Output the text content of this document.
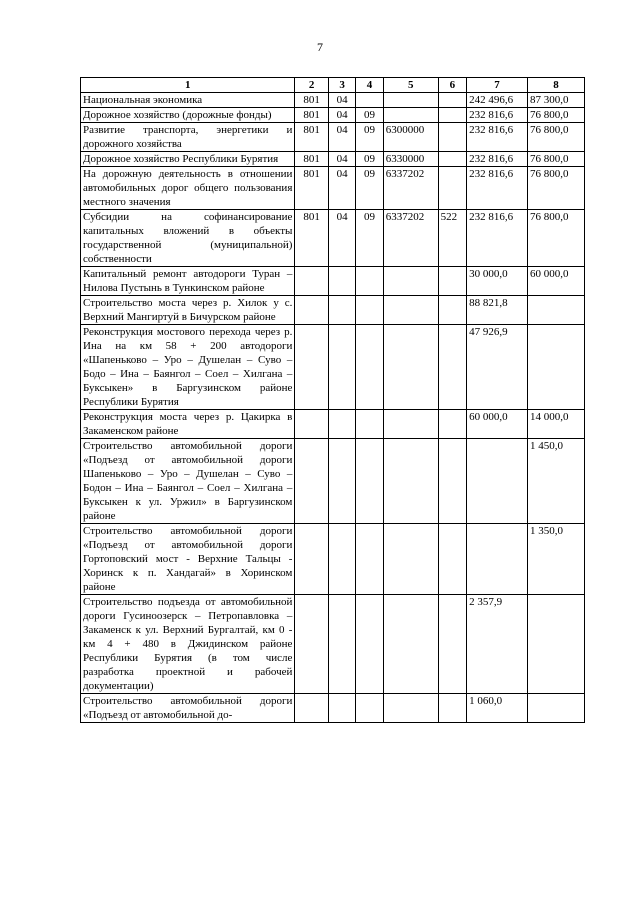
7
1	2	3	4	5	6	7	8
Национальная экономика	801	04				242 496,6	87 300,0
Дорожное хозяйство (дорожные фонды)	801	04	09			232 816,6	76 800,0
Развитие транспорта, энергетики и дорожного хозяйства	801	04	09	6300000		232 816,6	76 800,0
Дорожное хозяйство Республики Бурятия	801	04	09	6330000		232 816,6	76 800,0
На дорожную деятельность в отношении автомобильных дорог общего пользования местного значения	801	04	09	6337202		232 816,6	76 800,0
Субсидии на софинансирование капитальных вложений в объекты государственной (муниципальной) собственности	801	04	09	6337202	522	232 816,6	76 800,0
Капитальный ремонт автодороги Туран – Нилова Пустынь в Тункинском районе						30 000,0	60 000,0
Строительство моста через р. Хилок у с. Верхний Мангиртуй в Бичурском районе						88 821,8	
Реконструкция мостового перехода через р. Ина на км 58 + 200 автодороги «Шапеньково – Уро – Душелан – Суво – Бодо – Ина – Баянгол – Соел – Хилгана – Буксыкен» в Баргузинском районе Республики Бурятия						47 926,9	
Реконструкция моста через р. Цакирка в Закаменском районе						60 000,0	14 000,0
Строительство автомобильной дороги «Подъезд от автомобильной дороги Шапеньково – Уро – Душелан – Суво – Бодон – Ина – Баянгол – Соел – Хилгана – Буксыкен к ул. Уржил» в Баргузинском районе							1 450,0
Строительство автомобильной дороги «Подъезд от автомобильной дороги Гортоповский мост - Верхние Тальцы - Хоринск к п. Хандагай» в Хоринском районе							1 350,0
Строительство подъезда от автомобильной дороги Гусиноозерск – Петропавловка – Закаменск к ул. Верхний Бургалтай, км 0 - км 4 + 480 в Джидинском районе Республики Бурятия (в том числе разработка проектной и рабочей документации)						2 357,9	
Строительство автомобильной дороги «Подъезд от автомобильной до-						1 060,0	
